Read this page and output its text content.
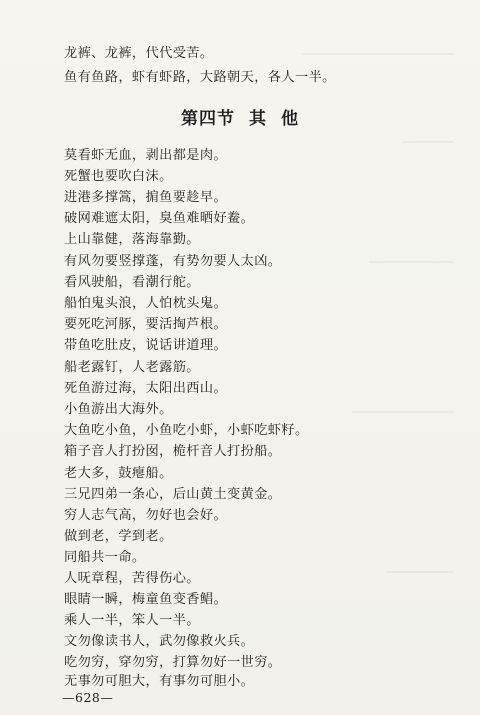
▁▁▁▁▁▁▁▁▁▁▁▁▁▁▁▁▁▁
▁▁▁▁▁▁
▁▁▁▁▁▁▁▁▁▁
▁▁▁▁▁▁▁▁▁▁▁▁
▁▁▁▁▁▁▁▁
龙裤、龙裤，代代受苦。
鱼有鱼路，虾有虾路，大路朝天，各人一半。
第四节 其 他
莫看虾无血，剥出都是肉。
死蟹也要吹白沫。
进港多撑篙，掮鱼要趁早。
破网难遮太阳，臭鱼难晒好鲞。
上山靠健，落海靠勤。
有风勿要竖撑蓬，有势勿要人太凶。
看风驶船，看潮行舵。
船怕鬼头浪，人怕枕头鬼。
要死吃河豚，要活掏芦根。
带鱼吃肚皮，说话讲道理。
船老露钉，人老露筋。
死鱼游过海，太阳出西山。
小鱼游出大海外。
大鱼吃小鱼，小鱼吃小虾，小虾吃虾籽。
箱子音人打扮囡，桅杆音人打扮船。
老大多，鼓瘪船。
三兄四弟一条心，后山黄土变黄金。
穷人志气高，勿好也会好。
做到老，学到老。
同船共一命。
人呒章程，苦得伤心。
眼睛一瞬，梅童鱼变香鲳。
乘人一半，笨人一半。
文勿像读书人，武勿像救火兵。
吃勿穷，穿勿穷，打算勿好一世穷。
无事勿可胆大，有事勿可胆小。
—628—
